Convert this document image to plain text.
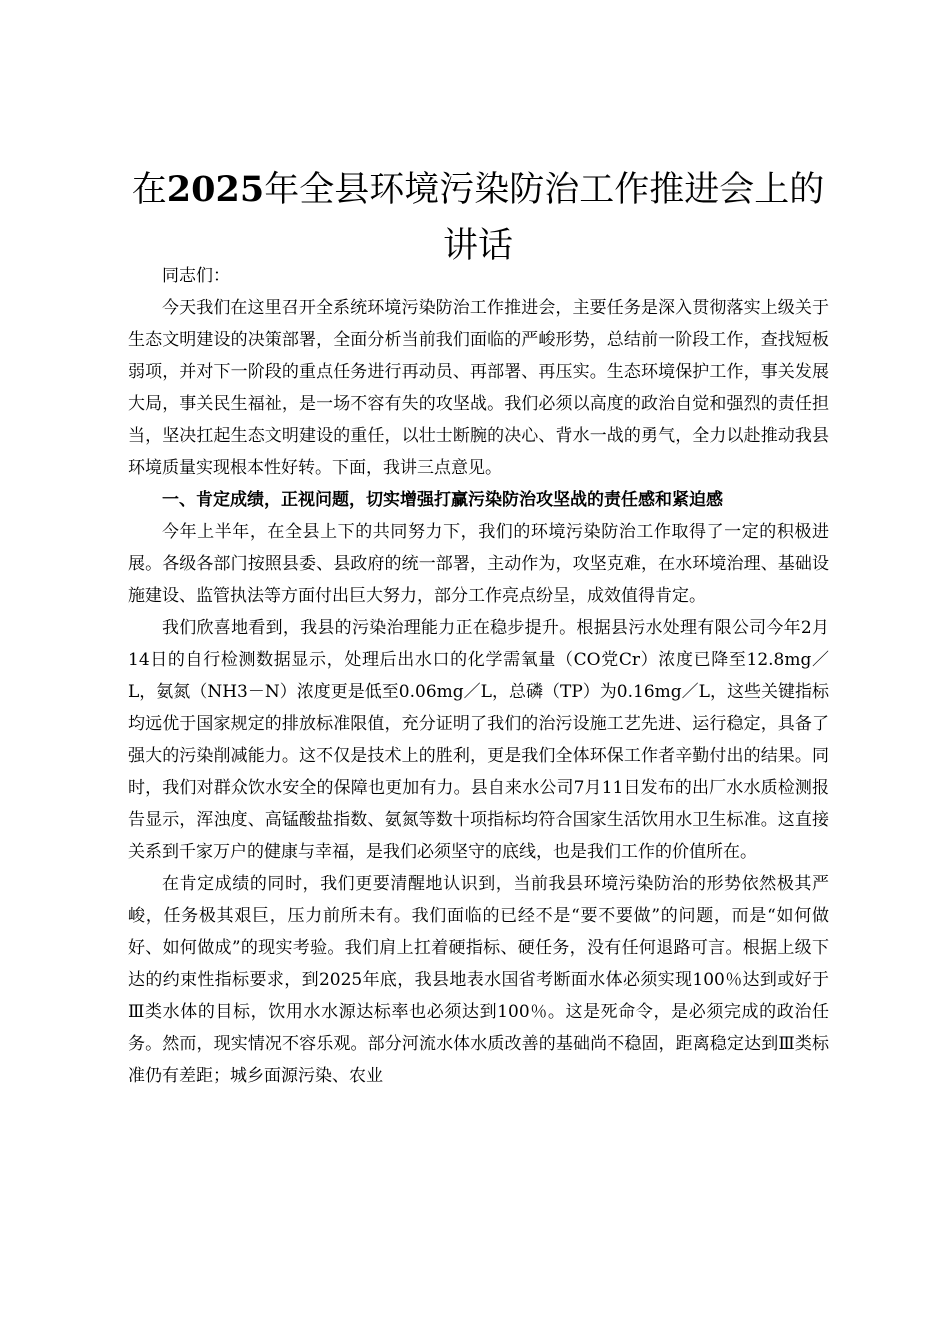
在2025年全县环境污染防治工作推进会上的讲话

同志们：

今天我们在这里召开全系统环境污染防治工作推进会，主要任务是深入贯彻落实上级关于生态文明建设的决策部署，全面分析当前我们面临的严峻形势，总结前一阶段工作，查找短板弱项，并对下一阶段的重点任务进行再动员、再部署、再压实。生态环境保护工作，事关发展大局，事关民生福祉，是一场不容有失的攻坚战。我们必须以高度的政治自觉和强烈的责任担当，坚决扛起生态文明建设的重任，以壮士断腕的决心、背水一战的勇气，全力以赴推动我县环境质量实现根本性好转。下面，我讲三点意见。

一、肯定成绩，正视问题，切实增强打赢污染防治攻坚战的责任感和紧迫感

今年上半年，在全县上下的共同努力下，我们的环境污染防治工作取得了一定的积极进展。各级各部门按照县委、县政府的统一部署，主动作为，攻坚克难，在水环境治理、基础设施建设、监管执法等方面付出巨大努力，部分工作亮点纷呈，成效值得肯定。

我们欣喜地看到，我县的污染治理能力正在稳步提升。根据县污水处理有限公司今年2月14日的自行检测数据显示，处理后出水口的化学需氧量（CO党Cr）浓度已降至12.8mg／L，氨氮（NH3－N）浓度更是低至0.06mg／L，总磷（TP）为0.16mg／L，这些关键指标均远优于国家规定的排放标准限值，充分证明了我们的治污设施工艺先进、运行稳定，具备了强大的污染削减能力。这不仅是技术上的胜利，更是我们全体环保工作者辛勤付出的结果。同时，我们对群众饮水安全的保障也更加有力。县自来水公司7月11日发布的出厂水水质检测报告显示，浑浊度、高锰酸盐指数、氨氮等数十项指标均符合国家生活饮用水卫生标准。这直接关系到千家万户的健康与幸福，是我们必须坚守的底线，也是我们工作的价值所在。

在肯定成绩的同时，我们更要清醒地认识到，当前我县环境污染防治的形势依然极其严峻，任务极其艰巨，压力前所未有。我们面临的已经不是“要不要做”的问题，而是“如何做好、如何做成”的现实考验。我们肩上扛着硬指标、硬任务，没有任何退路可言。根据上级下达的约束性指标要求，到2025年底，我县地表水国省考断面水体必须实现100％达到或好于Ⅲ类水体的目标，饮用水水源达标率也必须达到100％。这是死命令，是必须完成的政治任务。然而，现实情况不容乐观。部分河流水体水质改善的基础尚不稳固，距离稳定达到Ⅲ类标准仍有差距；城乡面源污染、农业
